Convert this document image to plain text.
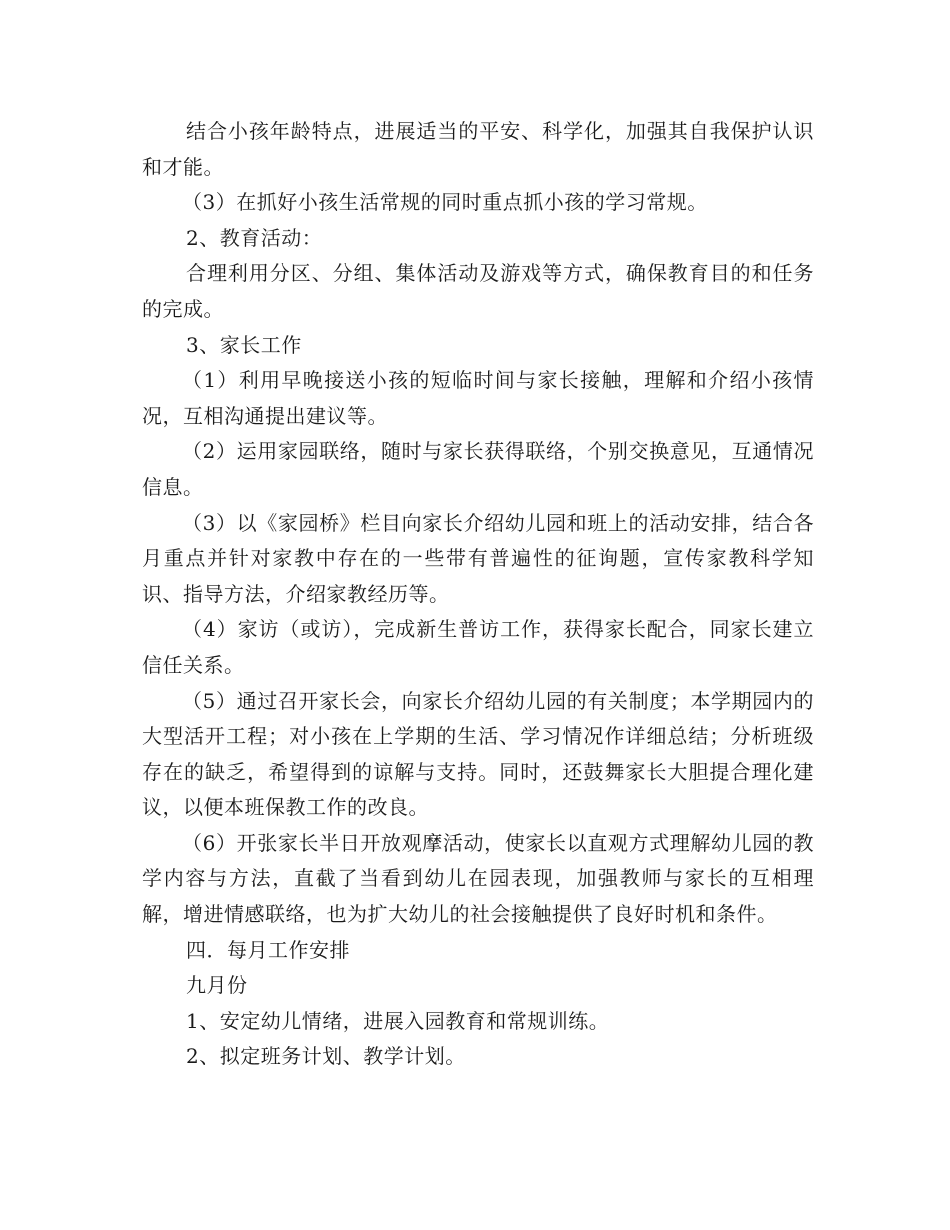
结合小孩年龄特点，进展适当的平安、科学化，加强其自我保护认识和才能。

（3）在抓好小孩生活常规的同时重点抓小孩的学习常规。

2、教育活动：

合理利用分区、分组、集体活动及游戏等方式，确保教育目的和任务的完成。

3、家长工作

（1）利用早晚接送小孩的短临时间与家长接触，理解和介绍小孩情况，互相沟通提出建议等。

（2）运用家园联络，随时与家长获得联络，个别交换意见，互通情况信息。

（3）以《家园桥》栏目向家长介绍幼儿园和班上的活动安排，结合各月重点并针对家教中存在的一些带有普遍性的征询题，宣传家教科学知识、指导方法，介绍家教经历等。

（4）家访（或访），完成新生普访工作，获得家长配合，同家长建立信任关系。

（5）通过召开家长会，向家长介绍幼儿园的有关制度；本学期园内的大型活开工程；对小孩在上学期的生活、学习情况作详细总结；分析班级存在的缺乏，希望得到的谅解与支持。同时，还鼓舞家长大胆提合理化建议，以便本班保教工作的改良。

（6）开张家长半日开放观摩活动，使家长以直观方式理解幼儿园的教学内容与方法，直截了当看到幼儿在园表现，加强教师与家长的互相理解，增进情感联络，也为扩大幼儿的社会接触提供了良好时机和条件。

四．每月工作安排

九月份

1、安定幼儿情绪，进展入园教育和常规训练。

2、拟定班务计划、教学计划。
